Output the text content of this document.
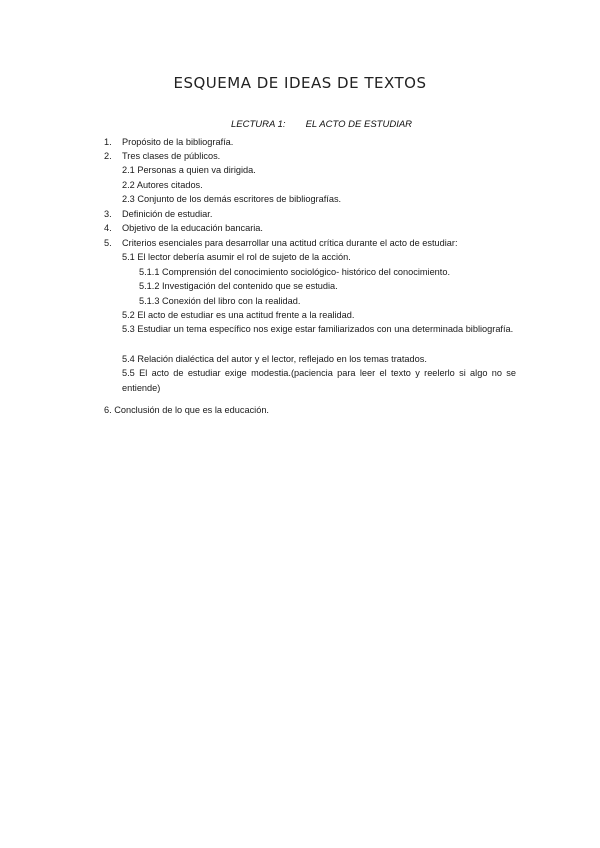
ESQUEMA DE IDEAS DE TEXTOS
LECTURA 1: EL ACTO DE ESTUDIAR
1. Propósito de la bibliografía.
2. Tres clases de públicos.
2.1 Personas a quien va dirigida.
2.2 Autores citados.
2.3 Conjunto de los demás escritores de bibliografías.
3. Definición de estudiar.
4. Objetivo de la educación bancaria.
5. Criterios esenciales para desarrollar una actitud crítica durante el acto de estudiar:
5.1 El lector debería asumir el rol de sujeto de la acción.
5.1.1 Comprensión del conocimiento sociológico- histórico del conocimiento.
5.1.2 Investigación del contenido que se estudia.
5.1.3 Conexión del libro con la realidad.
5.2 El acto de estudiar es una actitud frente a la realidad.
5.3 Estudiar un tema específico nos exige estar familiarizados con una determinada bibliografía.
5.4 Relación dialéctica del autor y el lector, reflejado en los temas tratados.
5.5 El acto de estudiar exige modestia.(paciencia para leer el texto y reelerlo si algo no se entiende)
6. Conclusión de lo que es la educación.
